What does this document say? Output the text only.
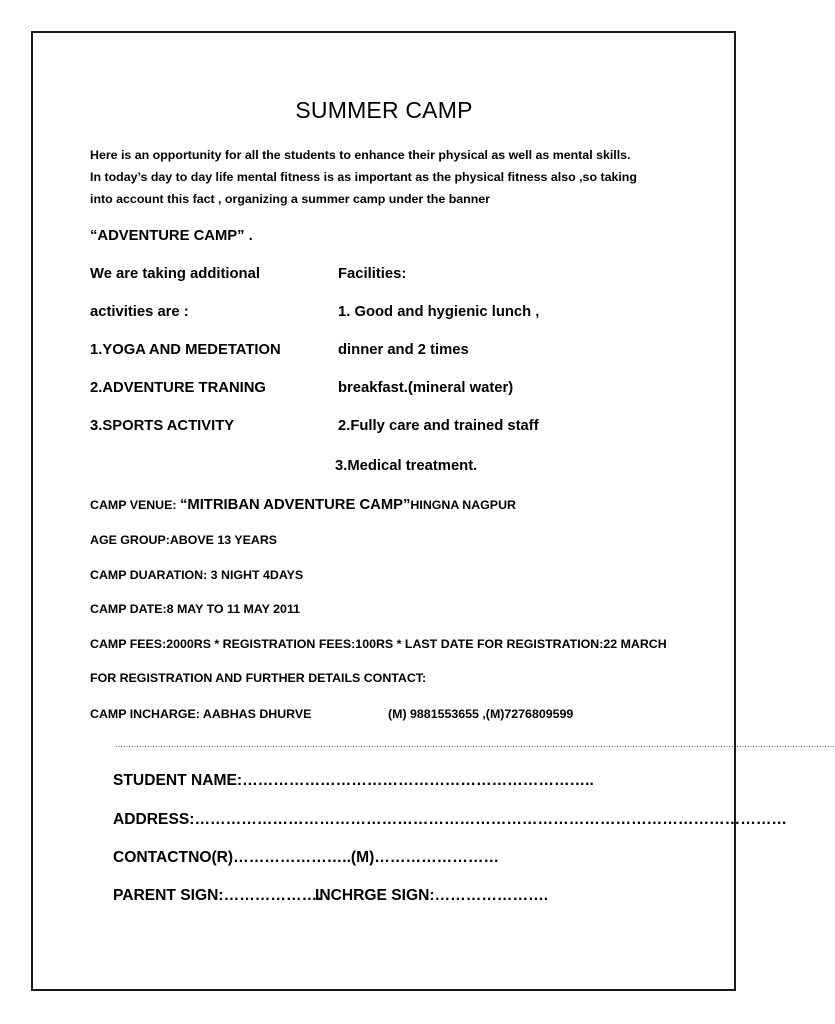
SUMMER CAMP
Here is an opportunity for all the students to enhance their physical as well as mental skills.
In today’s day to day life mental fitness is as important as the physical fitness also ,so taking
into account this fact , organizing a summer camp under the banner
“ADVENTURE CAMP” .
We are taking additional
activities are :
1.YOGA AND MEDETATION
2.ADVENTURE TRANING
3.SPORTS ACTIVITY
Facilities:
1. Good and hygienic lunch ,
dinner and 2 times
breakfast.(mineral water)
2.Fully care and trained staff
3.Medical treatment.
CAMP VENUE: “MITRIBAN ADVENTURE CAMP”HINGNA NAGPUR
AGE GROUP:ABOVE 13 YEARS
CAMP DUARATION: 3 NIGHT 4DAYS
CAMP DATE:8 MAY TO 11 MAY 2011
CAMP FEES:2000RS * REGISTRATION FEES:100RS * LAST DATE FOR REGISTRATION:22 MARCH
FOR REGISTRATION AND FURTHER DETAILS CONTACT:
CAMP INCHARGE: AABHAS DHURVE	(M) 9881553655 ,(M)7276809599
………………………………………………………………………………………………………………………………………………………………………………………………………………………………………………
STUDENT NAME:…………………………………………………………..
ADDRESS:……………………………………………………………………………………………………
CONTACTNO(R)…………………..(M)……………………
PARENT SIGN:……………….
INCHRGE SIGN:………………….
